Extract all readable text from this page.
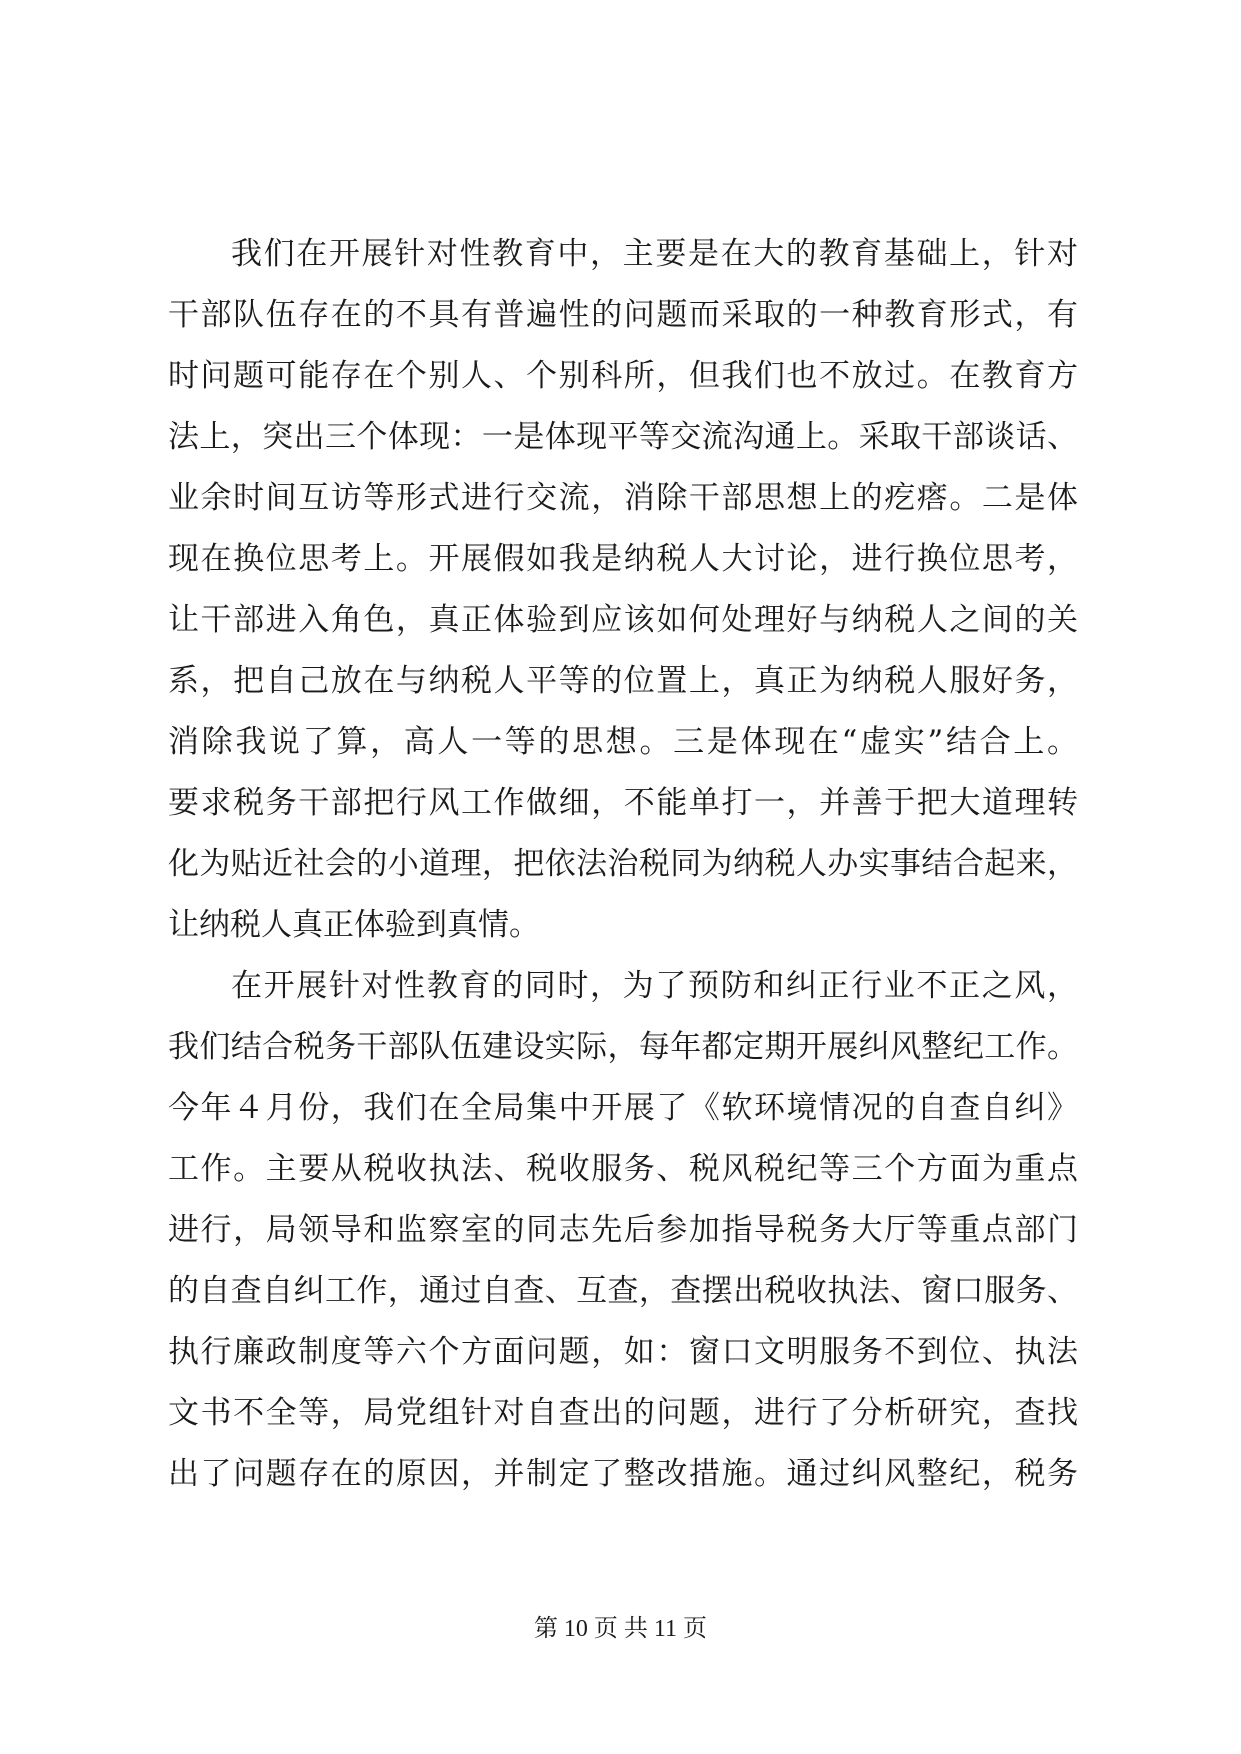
我们在开展针对性教育中，主要是在大的教育基础上，针对
干部队伍存在的不具有普遍性的问题而采取的一种教育形式，有
时问题可能存在个别人、个别科所，但我们也不放过。在教育方
法上，突出三个体现：一是体现平等交流沟通上。采取干部谈话、
业余时间互访等形式进行交流，消除干部思想上的疙瘩。二是体
现在换位思考上。开展假如我是纳税人大讨论，进行换位思考，
让干部进入角色，真正体验到应该如何处理好与纳税人之间的关
系，把自己放在与纳税人平等的位置上，真正为纳税人服好务，
消除我说了算，高人一等的思想。三是体现在“虚实”结合上。
要求税务干部把行风工作做细，不能单打一，并善于把大道理转
化为贴近社会的小道理，把依法治税同为纳税人办实事结合起来，
让纳税人真正体验到真情。
在开展针对性教育的同时，为了预防和纠正行业不正之风，
我们结合税务干部队伍建设实际，每年都定期开展纠风整纪工作。
今年４月份，我们在全局集中开展了《软环境情况的自查自纠》
工作。主要从税收执法、税收服务、税风税纪等三个方面为重点
进行，局领导和监察室的同志先后参加指导税务大厅等重点部门
的自查自纠工作，通过自查、互查，查摆出税收执法、窗口服务、
执行廉政制度等六个方面问题，如：窗口文明服务不到位、执法
文书不全等，局党组针对自查出的问题，进行了分析研究，查找
出了问题存在的原因，并制定了整改措施。通过纠风整纪，税务
第 10 页 共 11 页
